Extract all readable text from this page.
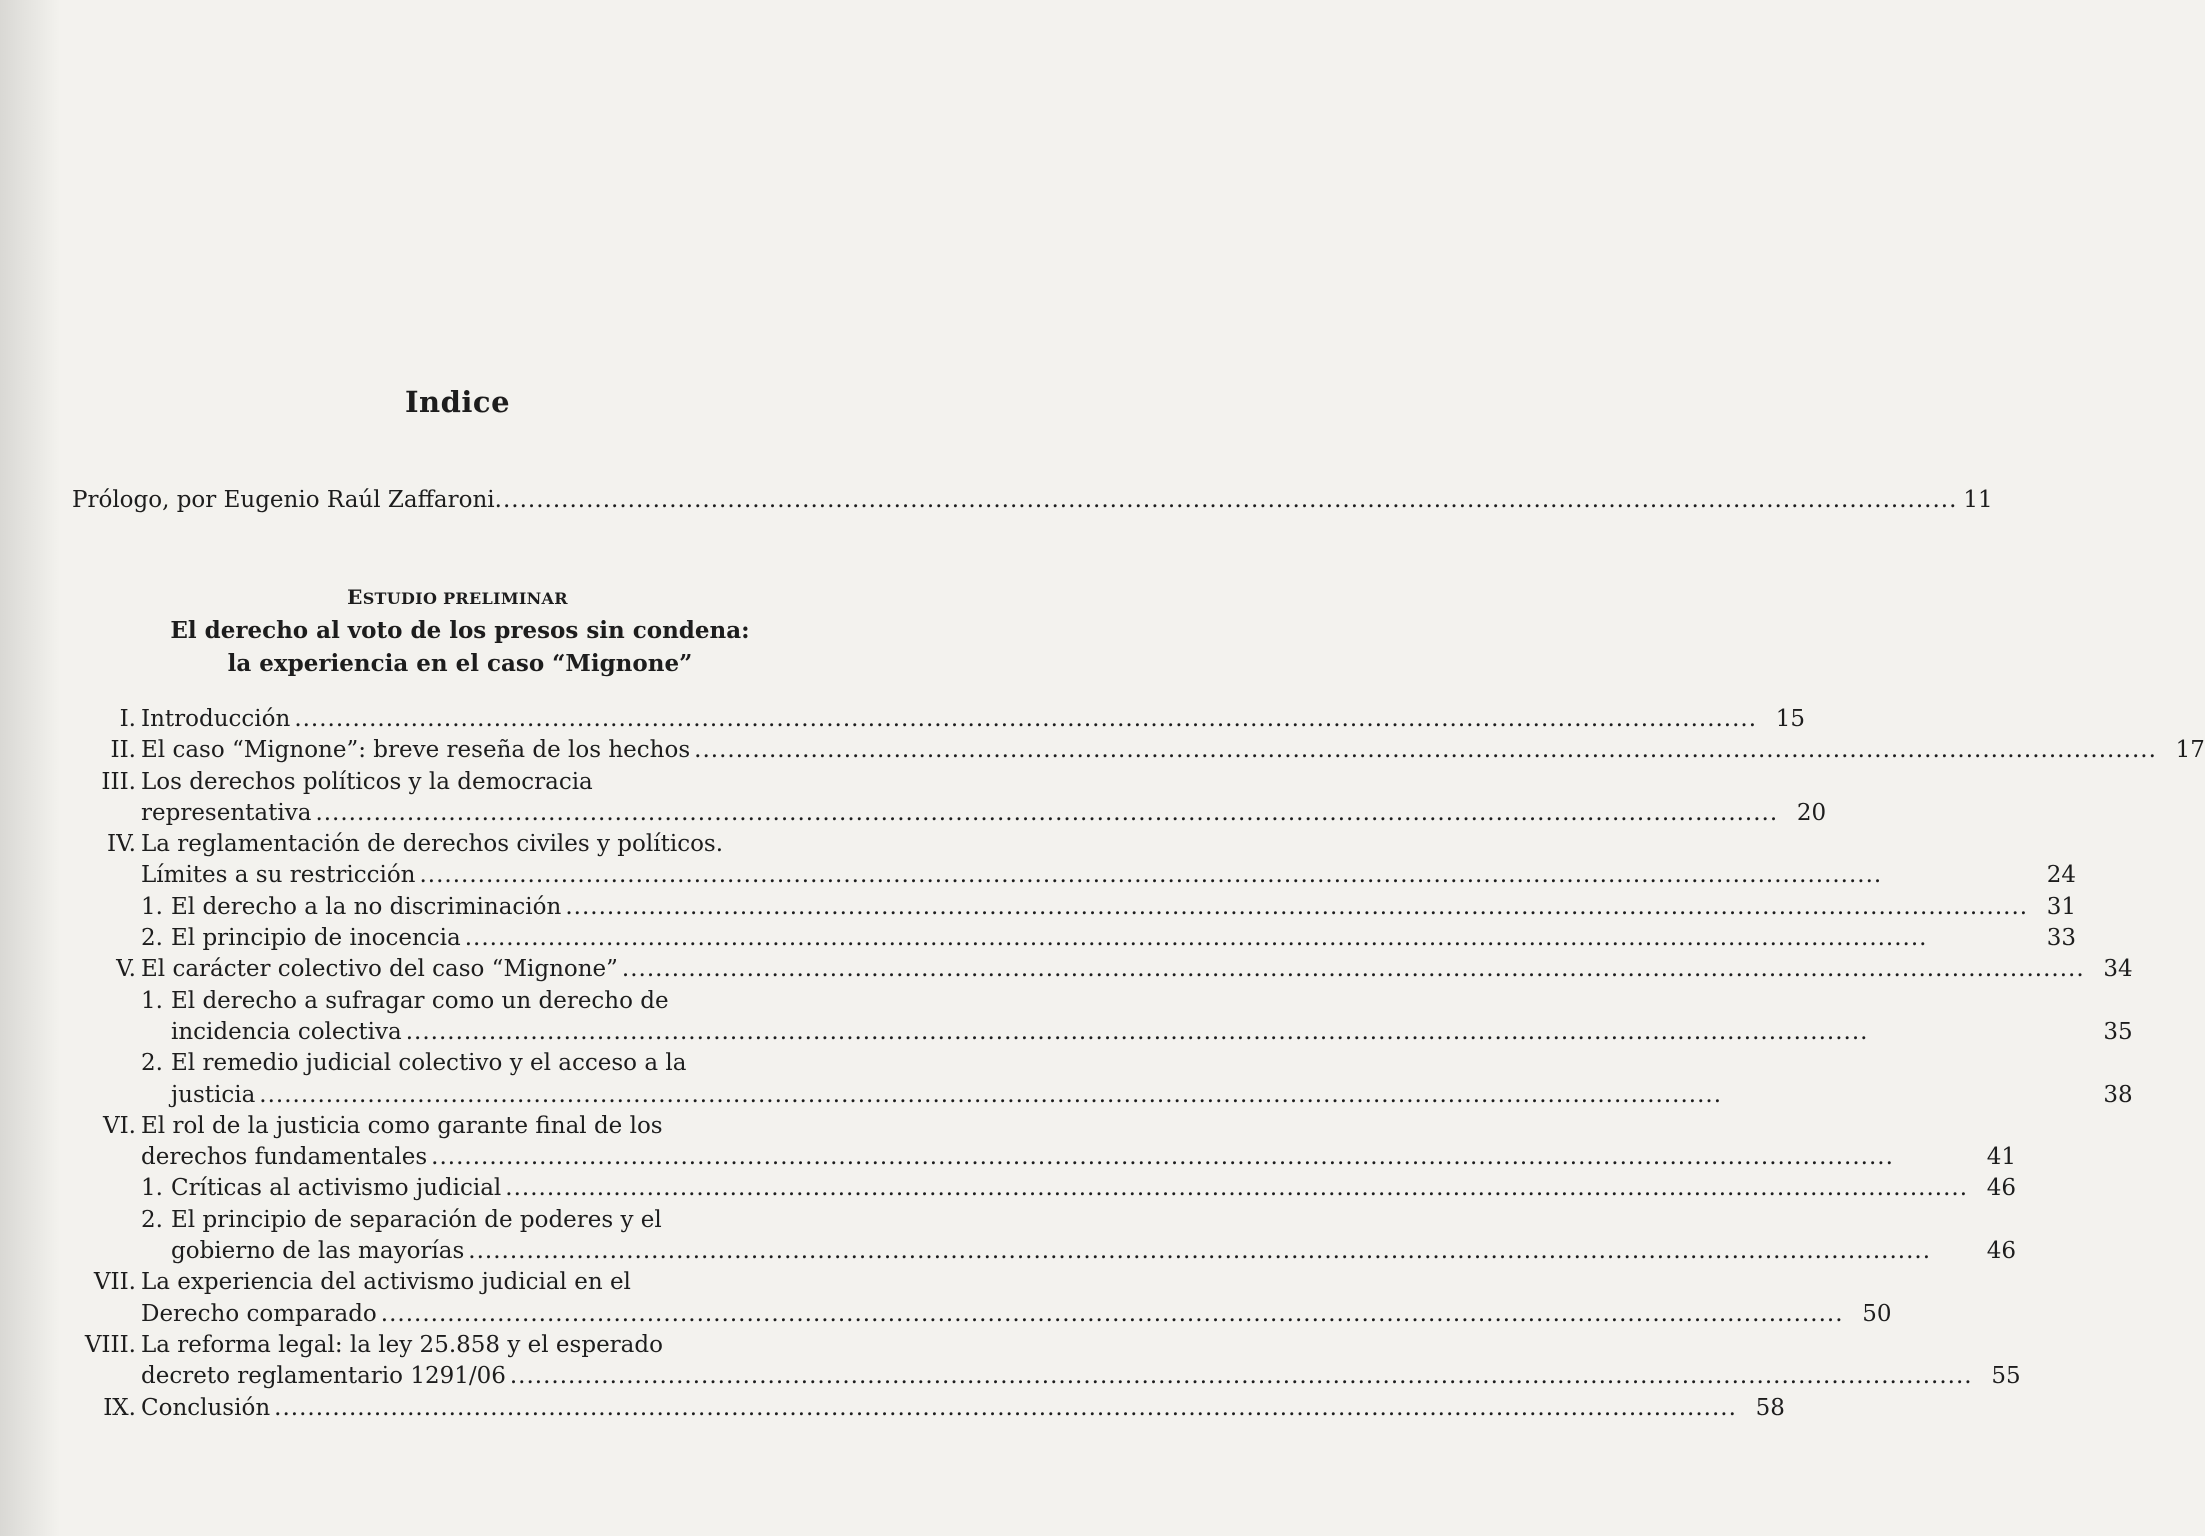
Indice
Prólogo, por Eugenio Raúl Zaffaroni .....	11
ESTUDIO PRELIMINAR
El derecho al voto de los presos sin condena:
la experiencia en el caso “Mignone”
I. Introducción .....	15
II. El caso “Mignone”: breve reseña de los hechos .....	17
III. Los derechos políticos y la democracia
representativa .....	20
IV. La reglamentación de derechos civiles y políticos.
Límites a su restricción .....	24
1. El derecho a la no discriminación .....	31
2. El principio de inocencia .....	33
V. El carácter colectivo del caso “Mignone” .....	34
1. El derecho a sufragar como un derecho de
incidencia colectiva .....	35
2. El remedio judicial colectivo y el acceso a la
justicia .....	38
VI. El rol de la justicia como garante final de los
derechos fundamentales .....	41
1. Críticas al activismo judicial .....	46
2. El principio de separación de poderes y el
gobierno de las mayorías .....	46
VII. La experiencia del activismo judicial en el
Derecho comparado .....	50
VIII. La reforma legal: la ley 25.858 y el esperado
decreto reglamentario 1291/06 .....	55
IX. Conclusión .....	58
